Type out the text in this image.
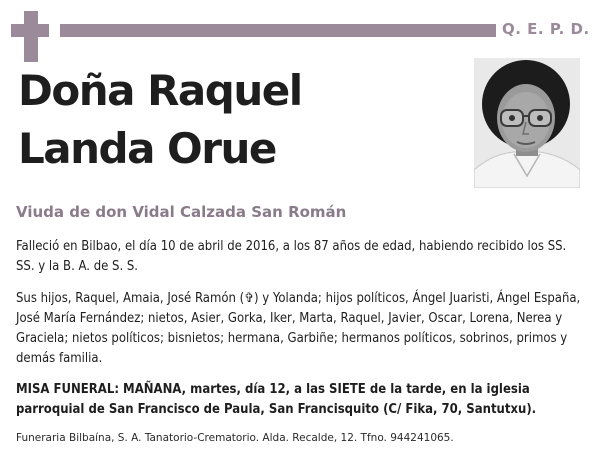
Q. E. P. D.
Doña Raquel
Landa Orue
Viuda de don Vidal Calzada San Román
Falleció en Bilbao, el día 10 de abril de 2016, a los 87 años de edad, habiendo recibido los SS. SS. y la B. A. de S. S.
Sus hijos, Raquel, Amaia, José Ramón (✞) y Yolanda; hijos políticos, Ángel Juaristi, Ángel España, José María Fernández; nietos, Asier, Gorka, Iker, Marta, Raquel, Javier, Oscar, Lorena, Nerea y Graciela; nietos políticos; bisnietos; hermana, Garbiñe; hermanos políticos, sobrinos, primos y demás familia.
MISA FUNERAL: MAÑANA, martes, día 12, a las SIETE de la tarde, en la iglesia parroquial de San Francisco de Paula, San Francisquito (C/ Fika, 70, Santutxu).
Funeraria Bilbaína, S. A. Tanatorio-Crematorio. Alda. Recalde, 12. Tfno. 944241065.
